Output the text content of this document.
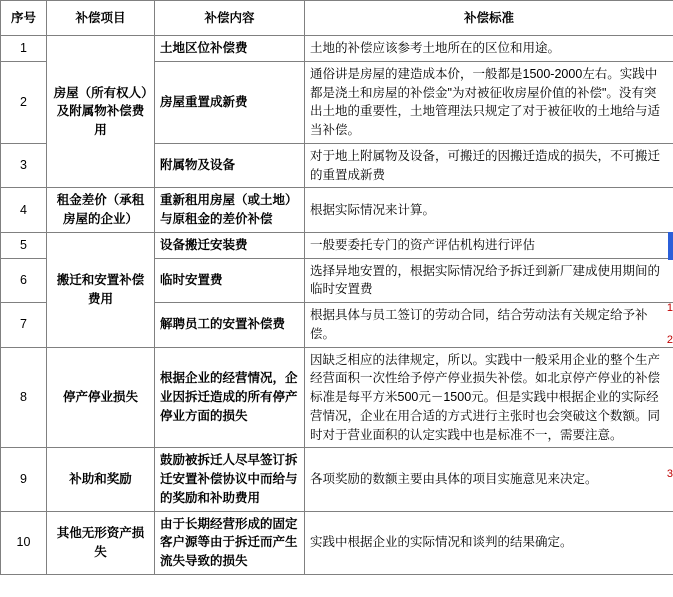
序号	补偿项目	补偿内容	补偿标准
1	房屋（所有权人）及附属物补偿费用	土地区位补偿费	土地的补偿应该参考土地所在的区位和用途。
2		房屋重置成新费	通俗讲是房屋的建造成本价，一般都是1500-2000左右。实践中都是浇土和房屋的补偿金"为对被征收房屋价值的补偿"。没有突出土地的重要性，土地管理法只规定了对于被征收的土地给与适当补偿。
3		附属物及设备	对于地上附属物及设备，可搬迁的因搬迁造成的损失，不可搬迁的重置成新费
4	租金差价（承租房屋的企业）	重新租用房屋（或土地）与原租金的差价补偿	根据实际情况来计算。
5	搬迁和安置补偿费用	设备搬迁安装费	一般要委托专门的资产评估机构进行评估
6		临时安置费	选择异地安置的，根据实际情况给予拆迁到新厂建成使用期间的临时安置费
7		解聘员工的安置补偿费	根据具体与员工签订的劳动合同，结合劳动法有关规定给予补偿。
8	停产停业损失	根据企业的经营情况，企业因拆迁造成的所有停产停业方面的损失	因缺乏相应的法律规定，所以。实践中一般采用企业的整个生产经营面积一次性给予停产停业损失补偿。如北京停产停业的补偿标准是每平方米500元－1500元。但是实践中根据企业的实际经营情况，企业在用合适的方式进行主张时也会突破这个数额。同时对于营业面积的认定实践中也是标准不一，需要注意。
9	补助和奖励	鼓励被拆迁人尽早签订拆迁安置补偿协议中而给与的奖励和补助费用	各项奖励的数额主要由具体的项目实施意见来决定。
10	其他无形资产损失	由于长期经营形成的固定客户源等由于拆迁而产生流失导致的损失	实践中根据企业的实际情况和谈判的结果确定。
1
2
3
